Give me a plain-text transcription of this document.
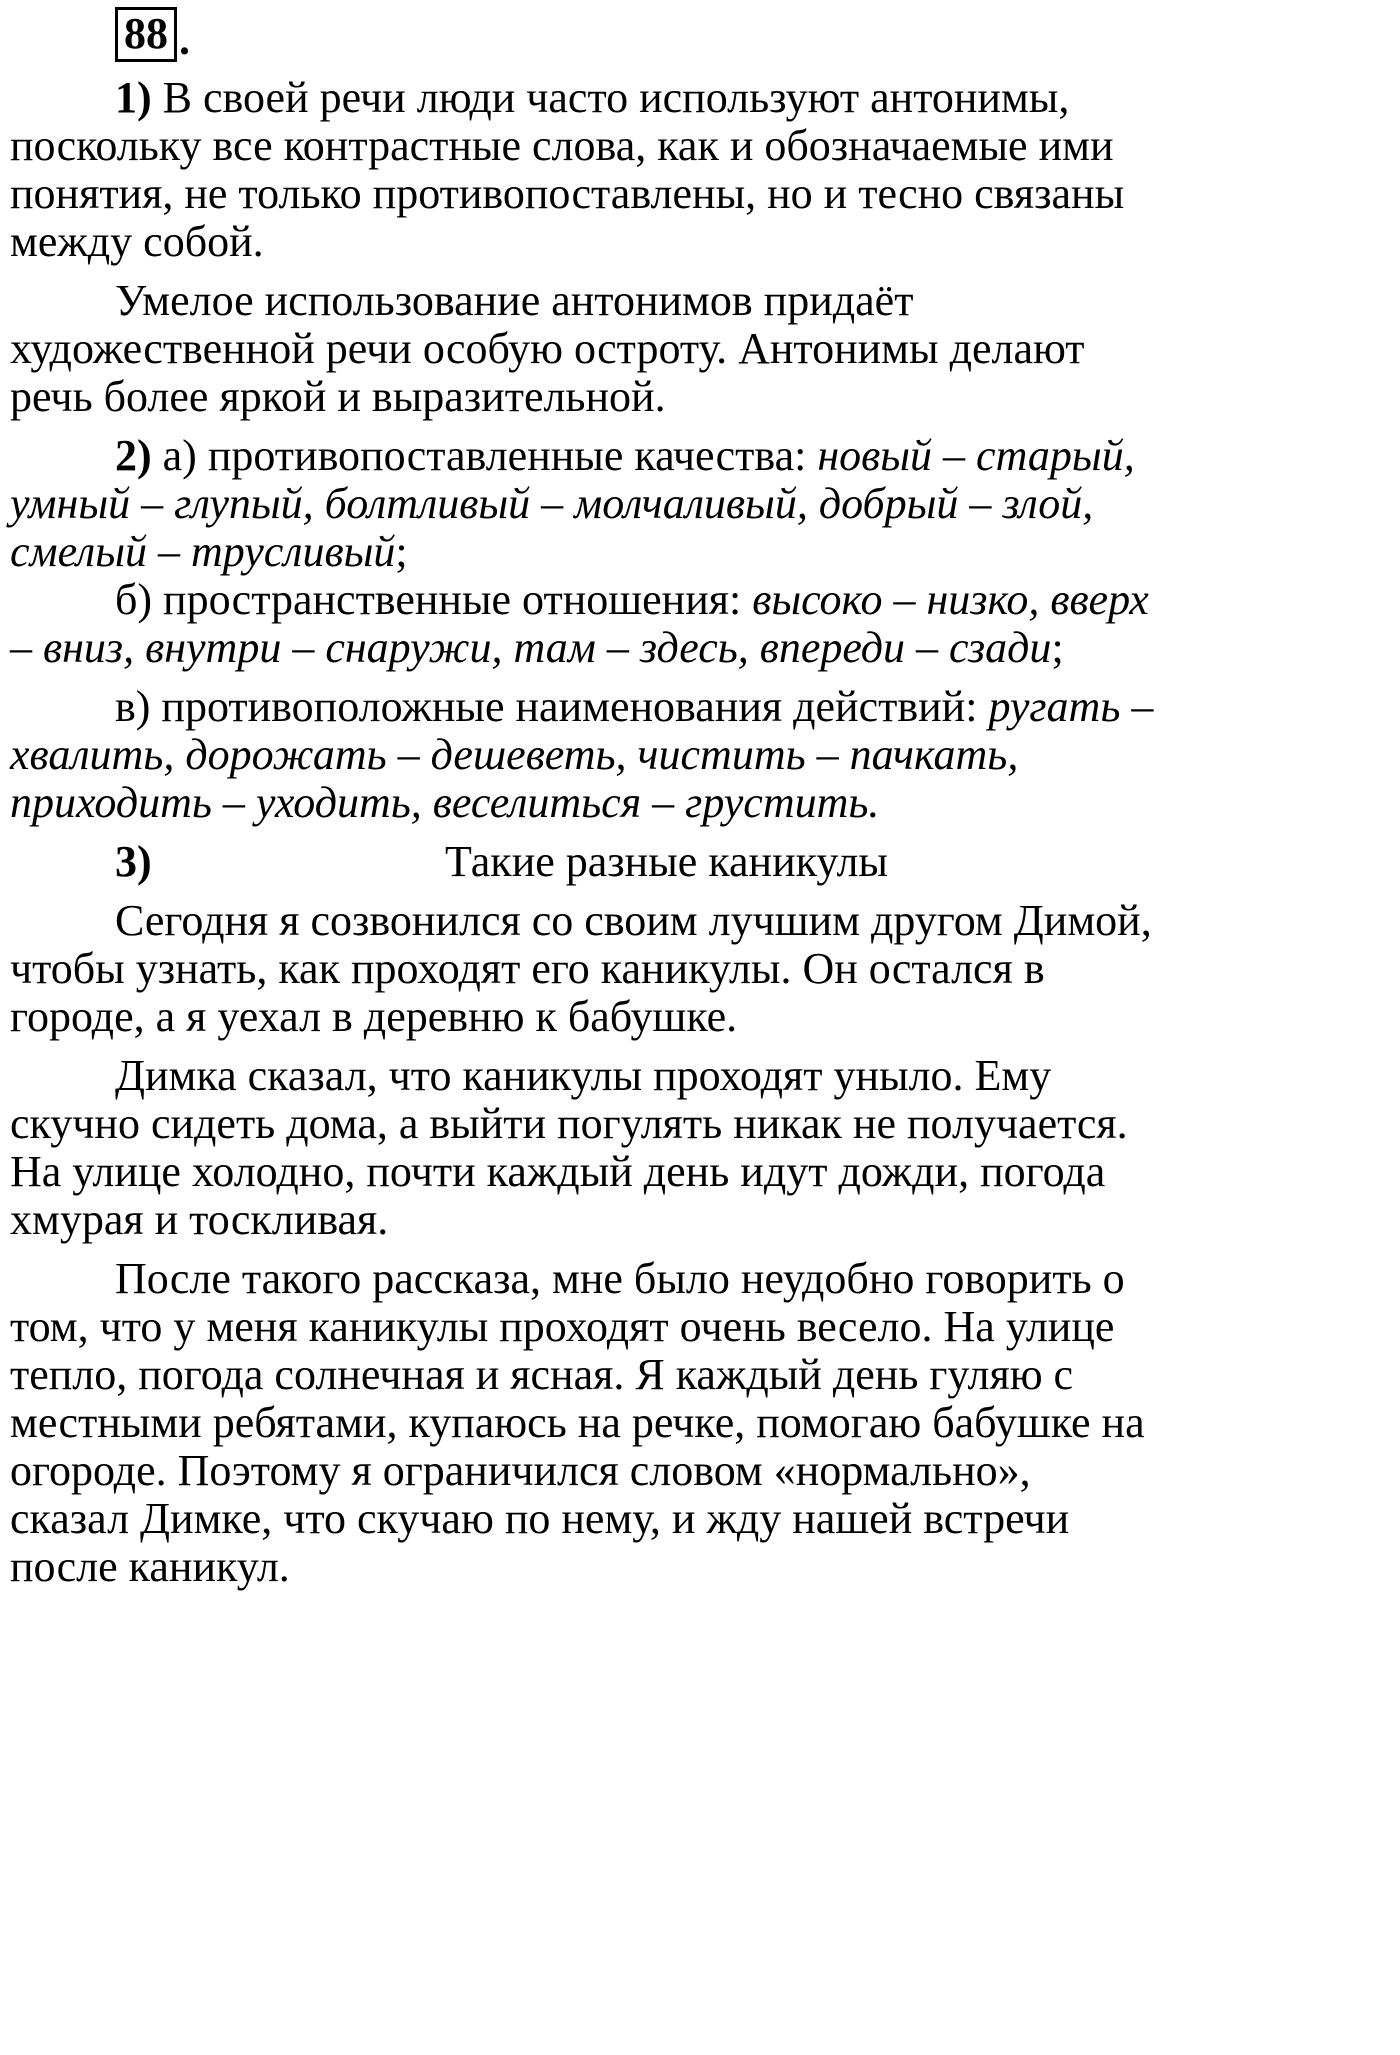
88 .
1) В своей речи люди часто используют антонимы,
поскольку все контрастные слова, как и обозначаемые ими
понятия, не только противопоставлены, но и тесно связаны
между собой.
Умелое использование антонимов придаёт
художественной речи особую остроту. Антонимы делают
речь более яркой и выразительной.
2) а) противопоставленные качества: новый – старый,
умный – глупый, болтливый – молчаливый, добрый – злой,
смелый – трусливый;
б) пространственные отношения: высоко – низко, вверх
– вниз, внутри – снаружи, там – здесь, впереди – сзади;
в) противоположные наименования действий: ругать –
хвалить, дорожать – дешеветь, чистить – пачкать,
приходить – уходить, веселиться – грустить.
3)	Такие разные каникулы
Сегодня я созвонился со своим лучшим другом Димой,
чтобы узнать, как проходят его каникулы. Он остался в
городе, а я уехал в деревню к бабушке.
Димка сказал, что каникулы проходят уныло. Ему
скучно сидеть дома, а выйти погулять никак не получается.
На улице холодно, почти каждый день идут дожди, погода
хмурая и тоскливая.
После такого рассказа, мне было неудобно говорить о
том, что у меня каникулы проходят очень весело. На улице
тепло, погода солнечная и ясная. Я каждый день гуляю с
местными ребятами, купаюсь на речке, помогаю бабушке на
огороде. Поэтому я ограничился словом «нормально»,
сказал Димке, что скучаю по нему, и жду нашей встречи
после каникул.
